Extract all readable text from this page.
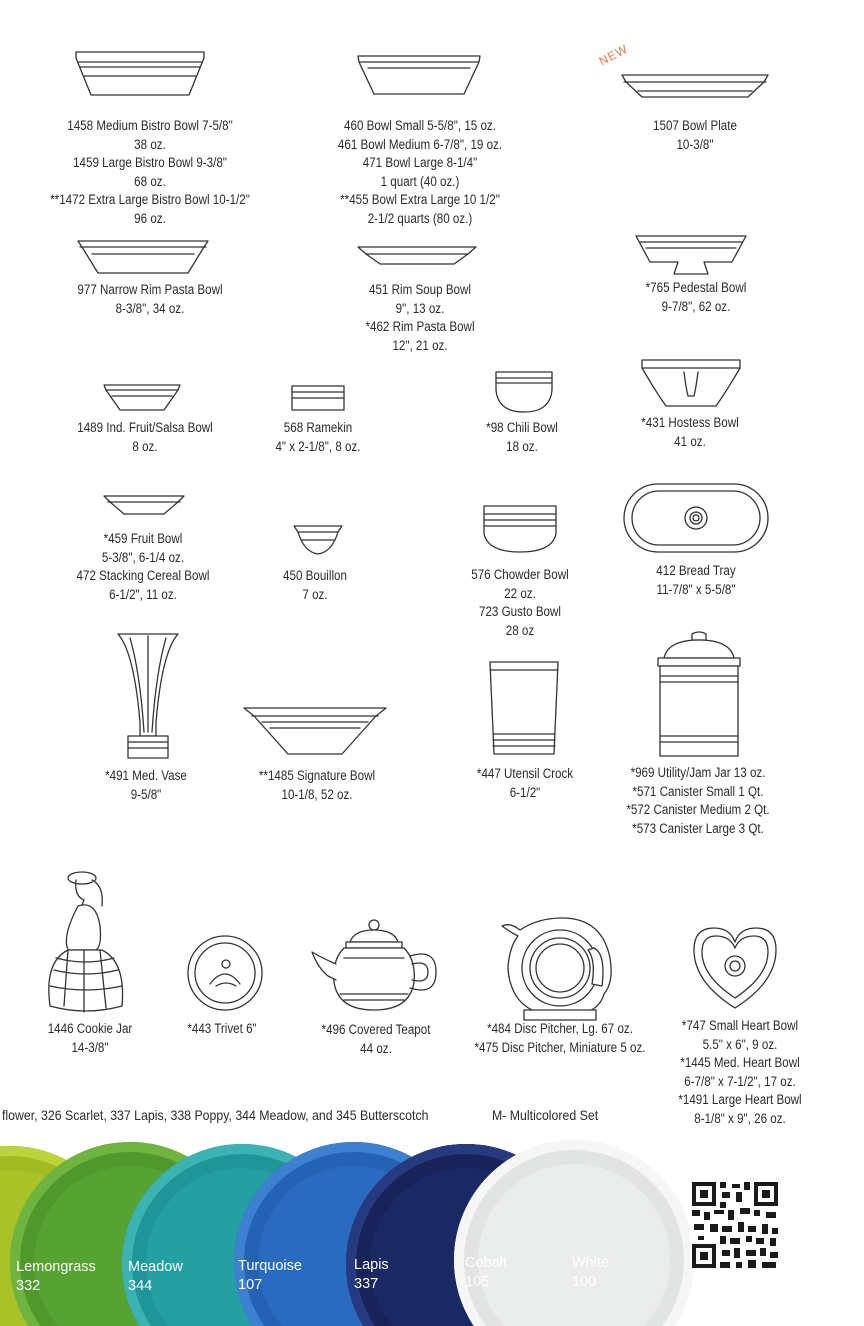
NEW
1458 Medium Bistro Bowl 7-5/8"
38 oz.
1459 Large Bistro Bowl 9-3/8"
68 oz.
**1472 Extra Large Bistro Bowl 10-1/2"
96 oz.
460 Bowl Small 5-5/8", 15 oz.
461 Bowl Medium 6-7/8", 19 oz.
471 Bowl Large 8-1/4"
1 quart (40 oz.)
**455 Bowl Extra Large 10 1/2"
2-1/2 quarts (80 oz.)
1507 Bowl Plate
10-3/8"
977 Narrow Rim Pasta Bowl
8-3/8", 34 oz.
451 Rim Soup Bowl
9", 13 oz.
*462 Rim Pasta Bowl
12", 21 oz.
*765 Pedestal Bowl
9-7/8", 62 oz.
1489 Ind. Fruit/Salsa Bowl
8 oz.
568 Ramekin
4" x 2-1/8", 8 oz.
*98 Chili Bowl
18 oz.
*431 Hostess Bowl
41 oz.
*459 Fruit Bowl
5-3/8", 6-1/4 oz.
472 Stacking Cereal Bowl
6-1/2", 11 oz.
450 Bouillon
7 oz.
576 Chowder Bowl
22 oz.
723 Gusto Bowl
28 oz
412 Bread Tray
11-7/8" x 5-5/8"
*491 Med. Vase
9-5/8"
**1485 Signature Bowl
10-1/8, 52 oz.
*447 Utensil Crock
6-1/2"
*969 Utility/Jam Jar 13 oz.
*571 Canister Small 1 Qt.
*572 Canister Medium 2 Qt.
*573 Canister Large 3 Qt.
1446 Cookie Jar
14-3/8"
*443 Trivet 6"	*496 Covered Teapot
44 oz.
*484 Disc Pitcher, Lg. 67 oz.
*475 Disc Pitcher, Miniature 5 oz.
*747 Small Heart Bowl
5.5" x 6", 9 oz.
*1445 Med. Heart Bowl
6-7/8" x 7-1/2", 17 oz.
*1491 Large Heart Bowl
8-1/8" x 9", 26 oz.
flower, 326 Scarlet, 337 Lapis, 338 Poppy, 344 Meadow, and 345 Butterscotch	M- Multicolored Set
Lemongrass
332
Meadow
344
Turquoise
107
Lapis
337
Cobalt
105
White
100
